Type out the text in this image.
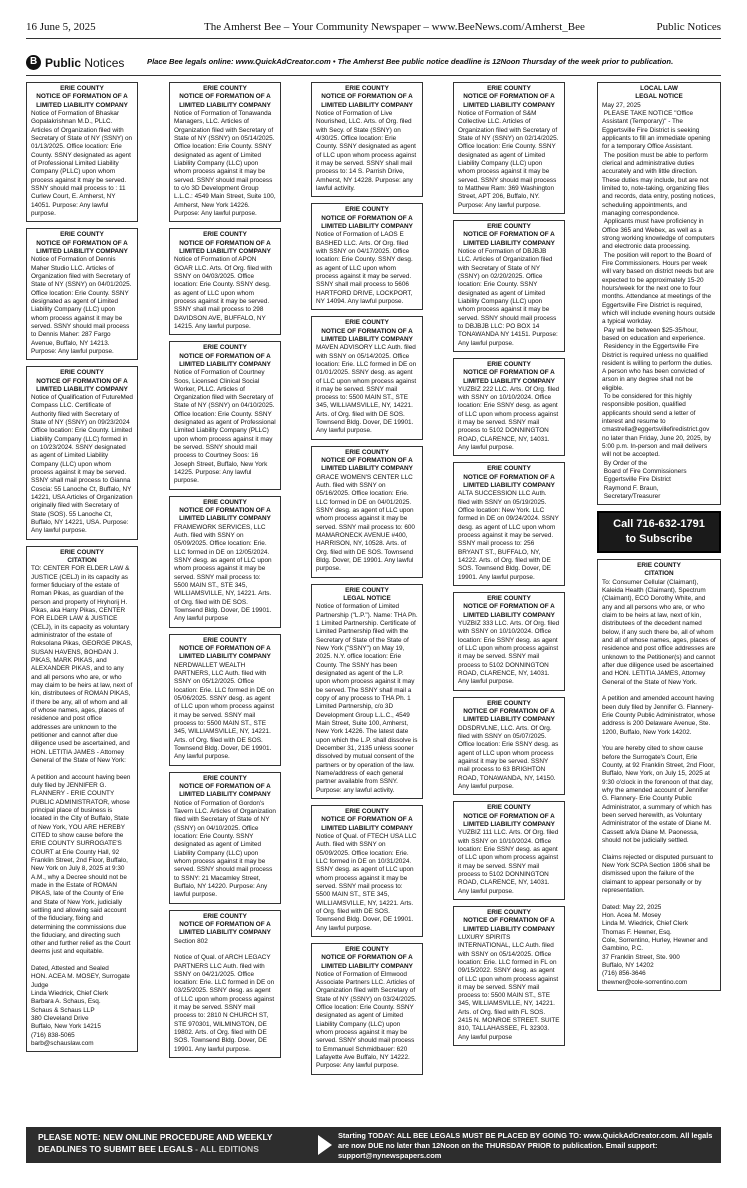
16 June 5, 2025	The Amherst Bee – Your Community Newspaper – www.BeeNews.com/Amherst_Bee	Public Notices
B Public Notices	Place Bee legals online: www.QuickAdCreator.com • The Amherst Bee public notice deadline is 12Noon Thursday of the week prior to publication.
ERIE COUNTY
NOTICE OF FORMATION OF A
LIMITED LIABILITY COMPANY
Notice of Formation of Bhaskar Gopalakrishnan M.D., PLLC. Articles of Organization filed with Secretary of State of NY (SSNY) on 01/13/2025. Office location: Erie County. SSNY designated as agent of Professional Limited Liability Company (PLLC) upon whom process against it may be served. SSNY should mail process to : 11 Curlew Court, E. Amherst, NY 14051. Purpose: Any lawful purpose.
ERIE COUNTY
NOTICE OF FORMATION OF A
LIMITED LIABILITY COMPANY
Notice of Formation of Dennis Maher Studio LLC. Articles of Organization filed with Secretary of State of NY (SSNY) on 04/01/2025. Office location: Erie County. SSNY designated as agent of Limited Liability Company (LLC) upon whom process against it may be served. SSNY should mail process to Dennis Maher: 287 Fargo Avenue, Buffalo, NY 14213. Purpose: Any lawful purpose.
ERIE COUNTY
NOTICE OF FORMATION OF A
LIMITED LIABILITY COMPANY
Notice of Qualification of FutureMed Compass LLC. Certificate of Authority filed with Secretary of State of NY (SSNY) on 09/23/2024 Office location: Erie County. Limited Liability Company (LLC) formed in on 10/23/2024. SSNY designated as agent of Limited Liability Company (LLC) upon whom process against it may be served. SSNY shall mail process to Gianna Coscia: 55 Lanoche Ct, Buffalo, NY 14221, USA Articles of Organization originally filed with Secretary of State (SOS). 55 Lanoche Ct, Buffalo, NY 14221, USA. Purpose: Any lawful purpose.
ERIE COUNTY
CITATION
TO: CENTER FOR ELDER LAW & JUSTICE (CELJ) in its capacity as former fiduciary of the estate of Roman Pikas, as guardian of the person and property of Hryhorij H. Pikas, aka Harry Pikas, CENTER FOR ELDER LAW & JUSTICE (CELJ), in its capacity as voluntary administrator of the estate of Roksolana Pikas, GEORGE PIKAS, SUSAN HAVENS, BOHDAN J. PIKAS, MARK PIKAS, and ALEXANDER PIKAS, and to any and all persons who are, or who may claim to be heirs at law, next of kin, distributees of ROMAN PIKAS, if there be any, all of whom and all of whose names, ages, places of residence and post office addresses are unknown to the petitioner and cannot after due diligence used be ascertained, and HON. LETITIA JAMES - Attorney General of the State of New York:

A petition and account having been duly filed by JENNIFER G. FLANNERY - ERIE COUNTY PUBLIC ADMINISTRATOR, whose principal place of business is located in the City of Buffalo, State of New York, YOU ARE HEREBY CITED to show cause before the ERIE COUNTY SURROGATE'S COURT at Erie County Hall, 92 Franklin Street, 2nd Floor, Buffalo, New York on July 8, 2025 at 9:30 A.M., why a Decree should not be made in the Estate of ROMAN PIKAS, late of the County of Erie and State of New York, judicially settling and allowing said account of the fiduciary, fixing and determining the commissions due the fiduciary, and directing such other and further relief as the Court deems just and equitable.

Dated, Attested and Sealed
HON. ACEA M. MOSEY, Surrogate Judge
Linda Wiedrick, Chief Clerk
Barbara A. Schaus, Esq.
Schaus & Schaus LLP
380 Cleveland Drive
Buffalo, New York 14215
(716) 838-5065
barb@schauslaw.com
ERIE COUNTY
NOTICE OF FORMATION OF A
LIMITED LIABILITY COMPANY
Notice of Formation of Tonawanda Managers, LLC. Articles of Organization filed with Secretary of State of NY (SSNY) on 05/14/2025. Office location: Erie County. SSNY designated as agent of Limited Liability Company (LLC) upon whom process against it may be served. SSNY should mail process to c/o 3D Development Group L.L.C.: 4549 Main Street, Suite 100, Amherst, New York 14226. Purpose: Any lawful purpose.
ERIE COUNTY
NOTICE OF FORMATION OF A
LIMITED LIABILITY COMPANY
Notice of Formation of APON GOAR LLC. Arts. Of Org. filed with SSNY on 04/03/2025. Office location: Erie County. SSNY desg. as agent of LLC upon whom process against it may be served. SSNY shall mail process to 298 DAVIDSON AVE, BUFFALO, NY 14215. Any lawful purpose.
ERIE COUNTY
NOTICE OF FORMATION OF A
LIMITED LIABILITY COMPANY
Notice of Formation of Courtney Soos, Licensed Clinical Social Worker, PLLC. Articles of Organization filed with Secretary of State of NY (SSNY) on 04/10/2025. Office location: Erie County. SSNY designated as agent of Professional Limited Liability Company (PLLC) upon whom process against it may be served. SSNY should mail process to Courtney Soos: 16 Joseph Street, Buffalo, New York 14225. Purpose: Any lawful purpose.
ERIE COUNTY
NOTICE OF FORMATION OF A
LIMITED LIABILITY COMPANY
FRAMEWORK SERVICES, LLC Auth. filed with SSNY on 05/09/2025. Office location: Erie. LLC formed in DE on 12/05/2024. SSNY desg. as agent of LLC upon whom process against it may be served. SSNY mail process to: 5500 MAIN ST., STE 345, WILLIAMSVILLE, NY, 14221. Arts. of Org. filed with DE SOS. Townsend Bldg. Dover, DE 19901. Any lawful purpose
ERIE COUNTY
NOTICE OF FORMATION OF A
LIMITED LIABILITY COMPANY
NERDWALLET WEALTH PARTNERS, LLC Auth. filed with SSNY on 05/12/2025. Office location: Erie. LLC formed in DE on 05/06/2025. SSNY desg. as agent of LLC upon whom process against it may be served. SSNY mail process to: 5500 MAIN ST., STE 345, WILLIAMSVILLE, NY, 14221. Arts. of Org. filed with DE SOS. Townsend Bldg. Dover, DE 19901. Any lawful purpose.
ERIE COUNTY
NOTICE OF FORMATION OF A
LIMITED LIABILITY COMPANY
Notice of Formation of Gordon's Tavern LLC. Articles of Organization filed with Secretary of State of NY (SSNY) on 04/10/2025. Office location: Erie County. SSNY designated as agent of Limited Liability Company (LLC) upon whom process against it may be served. SSNY should mail process to SSNY: 21 Macamley Street, Buffalo, NY 14220. Purpose: Any lawful purpose.
ERIE COUNTY
NOTICE OF FORMATION OF A
LIMITED LIABILITY COMPANY
Section 802

Notice of Qual. of ARCH LEGACY PARTNERS LLC Auth. filed with SSNY on 04/21/2025. Office location: Erie. LLC formed in DE on 03/25/2025. SSNY desg. as agent of LLC upon whom process against it may be served. SSNY mail process to: 2810 N CHURCH ST, STE 970301, WILMINGTON, DE 19802. Arts. of Org. filed with DE SOS. Townsend Bldg. Dover, DE 19901. Any lawful purpose.
ERIE COUNTY
NOTICE OF FORMATION OF A
LIMITED LIABILITY COMPANY
Notice of Formation of Live Nourished, LLC. Arts. of Org. filed with Secy. of State (SSNY) on 4/30/25. Office location: Erie County. SSNY designated as agent of LLC upon whom process against it may be served. SSNY shall mail process to: 14 S. Parrish Drive, Amherst, NY 14228. Purpose: any lawful activity.
ERIE COUNTY
NOTICE OF FORMATION OF A
LIMITED LIABILITY COMPANY
Notice of Formation of LAOS E BASHED LLC. Arts. Of Org. filed with SSNY on 04/17/2025. Office location: Erie County. SSNY desg. as agent of LLC upon whom process against it may be served. SSNY shall mail process to 5606 HARTFORD DRIVE, LOCKPORT, NY 14094. Any lawful purpose.
ERIE COUNTY
NOTICE OF FORMATION OF A
LIMITED LIABILITY COMPANY
MAVEN ADVISORY LLC Auth. filed with SSNY on 05/14/2025. Office location: Erie. LLC formed in DE on 01/01/2025. SSNY desg. as agent of LLC upon whom process against it may be served. SSNY mail process to: 5500 MAIN ST., STE 345, WILLIAMSVILLE, NY, 14221. Arts. of Org. filed with DE SOS. Townsend Bldg. Dover, DE 19901. Any lawful purpose.
ERIE COUNTY
NOTICE OF FORMATION OF A
LIMITED LIABILITY COMPANY
GRACE WOMEN'S CENTER LLC Auth. filed with SSNY on 05/16/2025. Office location: Erie. LLC formed in DE on 04/01/2025. SSNY desg. as agent of LLC upon whom process against it may be served. SSNY mail process to: 600 MAMARONECK AVENUE #400, HARRISON, NY, 10528. Arts. of Org. filed with DE SOS. Townsend Bldg. Dover, DE 19901. Any lawful purpose.
ERIE COUNTY
LEGAL NOTICE
Notice of formation of Limited Partnership ("L.P."). Name: THA Ph. 1 Limited Partnership. Certificate of Limited Partnership filed with the Secretary of State of the State of New York ("SSNY") on May 19, 2025. N.Y. office location: Erie County. The SSNY has been designated as agent of the L.P. upon whom process against it may be served. The SSNY shall mail a copy of any process to THA Ph. 1 Limited Partnership, c/o 3D Development Group L.L.C., 4549 Main Street, Suite 100, Amherst, New York 14226. The latest date upon which the L.P. shall dissolve is December 31, 2135 unless sooner dissolved by mutual consent of the partners or by operation of the law. Name/address of each general partner available from SSNY. Purpose: any lawful activity.
ERIE COUNTY
NOTICE OF FORMATION OF A
LIMITED LIABILITY COMPANY
Notice of Qual. of FTECH USA LLC Auth. filed with SSNY on 05/09/2025. Office location: Erie. LLC formed in DE on 10/31/2024. SSNY desg. as agent of LLC upon whom process against it may be served. SSNY mail process to: 5500 MAIN ST., STE 345, WILLIAMSVILLE, NY, 14221. Arts. of Org. filed with DE SOS. Townsend Bldg. Dover, DE 19901. Any lawful purpose.
ERIE COUNTY
NOTICE OF FORMATION OF A
LIMITED LIABILITY COMPANY
Notice of Formation of Elmwood Associate Partners LLC. Articles of Organization filed with Secretary of State of NY (SSNY) on 03/24/2025. Office location: Erie County. SSNY designated as agent of Limited Liability Company (LLC) upon whom process against it may be served. SSNY should mail process to Emmanuel Schmidbauer: 620 Lafayette Ave Buffalo, NY 14222. Purpose: Any lawful purpose.
ERIE COUNTY
NOTICE OF FORMATION OF A
LIMITED LIABILITY COMPANY
Notice of Formation of S&M Collective LLC. Articles of Organization filed with Secretary of State of NY (SSNY) on 02/14/2025. Office location: Erie County. SSNY designated as agent of Limited Liability Company (LLC) upon whom process against it may be served. SSNY should mail process to Matthew Ram: 369 Washington Street, APT 206, Buffalo, NY. Purpose: Any lawful purpose.
ERIE COUNTY
NOTICE OF FORMATION OF A
LIMITED LIABILITY COMPANY
Notice of Formation of DBJBJB LLC. Articles of Organization filed with Secretary of State of NY (SSNY) on 02/20/2025. Office location: Erie County. SSNY designated as agent of Limited Liability Company (LLC) upon whom process against it may be served. SSNY should mail process to DBJBJB LLC: PO BOX 14 TONAWANDA NY 14151. Purpose: Any lawful purpose.
ERIE COUNTY
NOTICE OF FORMATION OF A
LIMITED LIABILITY COMPANY
YUZBIZ 222 LLC. Arts. Of Org. filed with SSNY on 10/10/2024. Office location: Erie SSNY desg. as agent of LLC upon whom process against it may be served. SSNY mail process to 5102 DONNINGTON ROAD, CLARENCE, NY, 14031. Any lawful purpose.
ERIE COUNTY
NOTICE OF FORMATION OF A
LIMITED LIABILITY COMPANY
ALTA SUCCESSION LLC Auth. filed with SSNY on 05/19/2025. Office location: New York. LLC formed in DE on 09/24/2024. SSNY desg. as agent of LLC upon whom process against it may be served. SSNY mail process to: 256 BRYANT ST., BUFFALO, NY, 14222. Arts. of Org. filed with DE SOS. Townsend Bldg. Dover, DE 19901. Any lawful purpose.
ERIE COUNTY
NOTICE OF FORMATION OF A
LIMITED LIABILITY COMPANY
YUZBIZ 333 LLC. Arts. Of Org. filed with SSNY on 10/10/2024. Office location: Erie SSNY desg. as agent of LLC upon whom process against it may be served. SSNY mail process to 5102 DONNINGTON ROAD, CLARENCE, NY, 14031. Any lawful purpose.
ERIE COUNTY
NOTICE OF FORMATION OF A
LIMITED LIABILITY COMPANY
DDSDRVLNE, LLC. Arts. Of Org. filed with SSNY on 05/07/2025. Office location: Erie SSNY desg. as agent of LLC upon whom process against it may be served. SSNY mail process to 63 BRIGHTON ROAD, TONAWANDA, NY, 14150. Any lawful purpose.
ERIE COUNTY
NOTICE OF FORMATION OF A
LIMITED LIABILITY COMPANY
YUZBIZ 111 LLC. Arts. Of Org. filed with SSNY on 10/10/2024. Office location: Erie SSNY desg. as agent of LLC upon whom process against it may be served. SSNY mail process to 5102 DONNINGTON ROAD, CLARENCE, NY, 14031. Any lawful purpose.
ERIE COUNTY
NOTICE OF FORMATION OF A
LIMITED LIABILITY COMPANY
LUXURY SPIRITS INTERNATIONAL, LLC Auth. filed with SSNY on 05/14/2025. Office location: Erie. LLC formed in FL on 09/15/2022. SSNY desg. as agent of LLC upon whom process against it may be served. SSNY mail process to: 5500 MAIN ST., STE 345, WILLIAMSVILLE, NY, 14221. Arts. of Org. filed with FL SOS. 2415 N. MONROE STREET. SUITE 810, TALLAHASSEE, FL 32303. Any lawful purpose
LOCAL LAW
LEGAL NOTICE
May 27, 2025
PLEASE TAKE NOTICE "Office Assistant (Temporary)" - The Eggertsville Fire District is seeking applicants to fill an immediate opening for a temporary Office Assistant.
The position must be able to perform clerical and administrative duties accurately and with little direction. These duties may include, but are not limited to, note-taking, organizing files and records, data entry, posting notices, scheduling appointments, and managing correspondence.
Applicants must have proficiency in Office 365 and Webex, as well as a strong working knowledge of computers and electronic data processing.
The position will report to the Board of Fire Commissioners. Hours per week will vary based on district needs but are expected to be approximately 15-20 hours/week for the next one to four months. Attendance at meetings of the Eggertsville Fire District is required, which will include evening hours outside a typical workday.
Pay will be between $25-35/hour, based on education and experience.
Residency in the Eggertsville Fire District is required unless no qualified resident is willing to perform the duties. A person who has been convicted of arson in any degree shall not be eligible.
To be considered for this highly responsible position, qualified applicants should send a letter of interest and resume to cmastrella@eggertsvillefiredistrict.gov no later than Friday, June 20, 2025, by 5:00 p.m. In-person and mail delivers will not be accepted.
By Order of the
Board of Fire Commissioners
Eggertsville Fire District
Raymond F. Braun,
Secretary/Treasurer
Call 716-632-1791
to Subscribe
ERIE COUNTY
CITATION
To: Consumer Cellular (Claimant), Kaleida Health (Claimant), Spectrum (Claimant), ECO Dorothy White, and any and all persons who are, or who claim to be heirs at law, next of kin, distributees of the decedent named below, if any such there be, all of whom and all of whose names, ages, places of residence and post office addresses are unknown to the Petitioner(s) and cannot after due diligence used be ascertained and HON. LETITIA JAMES, Attorney General of the State of New York.

A petition and amended account having been duly filed by Jennifer G. Flannery- Erie County Public Administrator, whose address is 200 Delaware Avenue, Ste. 1200, Buffalo, New York 14202.

You are hereby cited to show cause before the Surrogate's Court, Erie County, at 92 Franklin Street, 2nd Floor, Buffalo, New York, on July 15, 2025 at 9:30 o'clock in the forenoon of that day, why the amended account of Jennifer G. Flannery- Erie County Public Administrator, a summary of which has been served herewith, as Voluntary Administrator of the estate of Diane M. Cassett a/k/a Diane M. Paonessa, should not be judicially settled.

Claims rejected or disputed pursuant to New York SCPA Section 1806 shall be dismissed upon the failure of the claimant to appear personally or by representation.

Dated: May 22, 2025
Hon. Acea M. Mosey
Linda M. Wiedrick, Chief Clerk
Thomas F. Hewner, Esq.
Cole, Sorrentino, Hurley, Hewner and Gambino, P.C.
37 Franklin Street, Ste. 900
Buffalo, NY 14202
(716) 856-3646
thewner@cole-sorrentino.com
PLEASE NOTE: NEW ONLINE PROCEDURE AND WEEKLY DEADLINES TO SUBMIT BEE LEGALS - ALL EDITIONS
Starting TODAY: ALL BEE LEGALS MUST BE PLACED BY GOING TO: www.QuickAdCreator.com. All legals are now DUE no later than 12Noon on the THURSDAY PRIOR to publication. Email support: support@nynewspapers.com
